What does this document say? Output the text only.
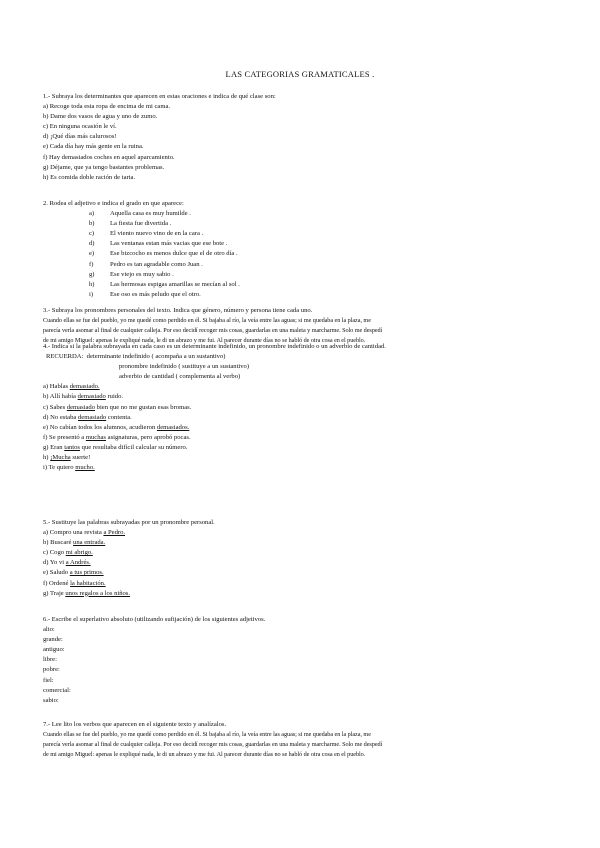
LAS CATEGORIAS GRAMATICALES .

1.- Subraya los determinantes que aparecen en estas oraciones e indica de qué clase son:

a) Recoge toda esta ropa de encima de mi cama.

b) Dame dos vasos de agua y uno de zumo.

c) En ninguna ocasión le ví.

d) ¡Qué días más calurosos!

e) Cada día hay más gente en la ruina.

f) Hay demasiados coches en aquel aparcamiento.

g) Déjame, que ya tengo bastantes problemas.

h) Es comida doble ración de tarta.

2. Rodea el adjetivo e indica el grado en que aparece:

a) Aquella casa es muy humilde .

b) La fiesta fue divertida .

c) El viento nuevo vino de en la cara .

d) Las ventanas estan más vacias que ese bote .

e) Ese bizcocho es menos dulce que el de otro día .

f)	Pedro es tan agradable como Juan .

g) Ese viejo es muy sabio .

h) Las hermosas espigas amarillas se mecían al sol .

i)	Ese oso es más peludo que el otro.

3.- Subraya los pronombres personales del texto. Indica que género, número y persona tiene cada uno.

Cuando ellas se fue del pueblo, yo me quedé como perdido en él. Si bajaba al río, la veía entre las aguas; si me quedaba en la plaza, me

parecía verla asomar al final de cualquier calleja. Por eso decidí recoger mis cosas, guardarlas en una maleta y marcharme. Solo me despedí

de mi amigo Miguel: apenas le expliqué nada, le di un abrazo y me fui. Al parecer durante días no se habló de otra cosa en el pueblo.

4.- Indica si la palabra subrayada en cada caso es un determinante indefinido, un pronombre indefinido o un adverbio de cantidad.

RECUERDA: determinante indefinido ( acompaña a un sustantivo)

pronombre indefinido ( sustituye a un sustantivo)

adverbio de cantidad ( complementa al verbo)

a) Hablas demasiado.

b) Allí había demasiado ruido.

c) Sabes demasiado bien que no me gustan esas bromas.

d) No estaba demasiado contenta.

e) No cabían todos los alumnos, acudieron demasiados.

f) Se presentó a muchas asignaturas, pero aprobó pocas.

g) Eran tantos que resultaba difícil calcular su número.

h) ¡Mucha suerte!

i) Te quiero mucho.

5.- Sustituye las palabras subrayadas por un pronombre personal.

a) Compro una revista a Pedro.

b) Buscaré una entrada.

c) Cogo mi abrigo.

d) Yo vi a Andrés.

e) Saludo a tus primos.

f) Ordené la habitación.

g) Traje unos regalos a los niños.

6.- Escribe el superlativo absoluto (utilizando sufijación) de los siguientes adjetivos.

alto:

grande:

antiguo:

libre:

pobre:

fiel:

comercial:

sabio:

7.- Lee lito los verbos que aparecen en el siguiente texto y analízalos.

Cuando ellas se fue del pueblo, yo me quedé como perdido en él. Si bajaba al río, la veía entre las aguas; si me quedaba en la plaza, me

parecía verla asomar al final de cualquier calleja. Por eso decidí recoger mis cosas, guardarlas en una maleta y marcharme. Solo me despedí

de mi amigo Miguel: apenas le expliqué nada, le di un abrazo y me fui. Al parecer durante días no se habló de otra cosa en el pueblo.
